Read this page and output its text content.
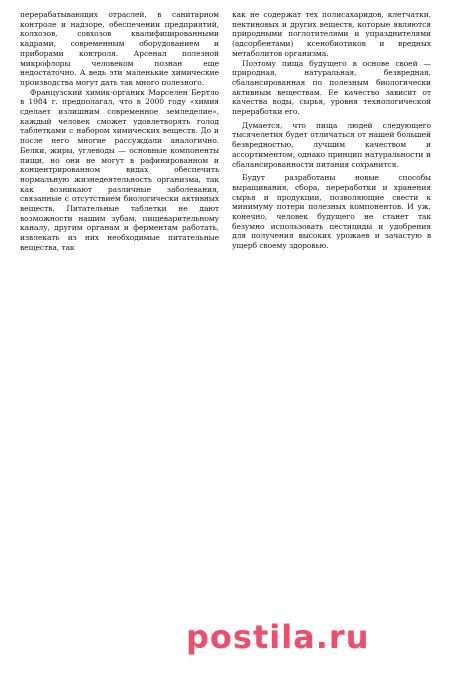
перерабатывающих отраслей, в санитарном контроле и надзоре, обеспечении предприятий, колхозов, совхозов квалифицированными кадрами, современным оборудованием и приборами контроля. Арсенал полезной микрофлоры человеком познан еще недостаточно. А ведь эти маленькие химические производства могут дать так много полезного.

Французский химик-органик Марселен Бертло в 1984 г. предполагал, что в 2000 году «химия сделает излишним современное земледелие», каждый человек сможет удовлетворять голод таблетками с набором химических веществ. До и после него многие рассуждали аналогично. Белки, жиры, углеводы — основные компоненты пищи, но они не могут в рафинированном и концентрированном видах обеспечить нормальную жизнедеятельность организма, так как возникают различные заболевания, связанные с отсутствием биологически активных веществ. Питательные таблетки не дают возможности нашим зубам, пищеварительному каналу, другим органам и ферментам работать, извлекать из них необходимые питательные вещества, так

как не содержат тех полисахаридов, клетчатки, пектиновых и других веществ, которые являются природными поглотителями и упразднителями (адсорбентами) ксенобиотиков и вредных метаболитов организма.

Поэтому пища будущего в основе своей — природная, натуральная, безвредная, сбалансированная по полезным биологически активным веществам. Ее качество зависит от качества воды, сырья, уровня технологической переработки его.

Думается, что пища людей следующего тысячелетия будет отличаться от нашей большей безвредностью, лучшим качеством и ассортиментом, однако принцип натуральности и сбалансированности питания сохранится.

Будут разработаны новые способы выращивания, сбора, переработки и хранения сырья и продукции, позволяющие свести к минимуму потери полезных компонентов. И уж, конечно, человек будущего не станет так безумно использовать пестициды и удобрения для получения высоких урожаев и зачастую в ущерб своему здоровью.

postila.ru
